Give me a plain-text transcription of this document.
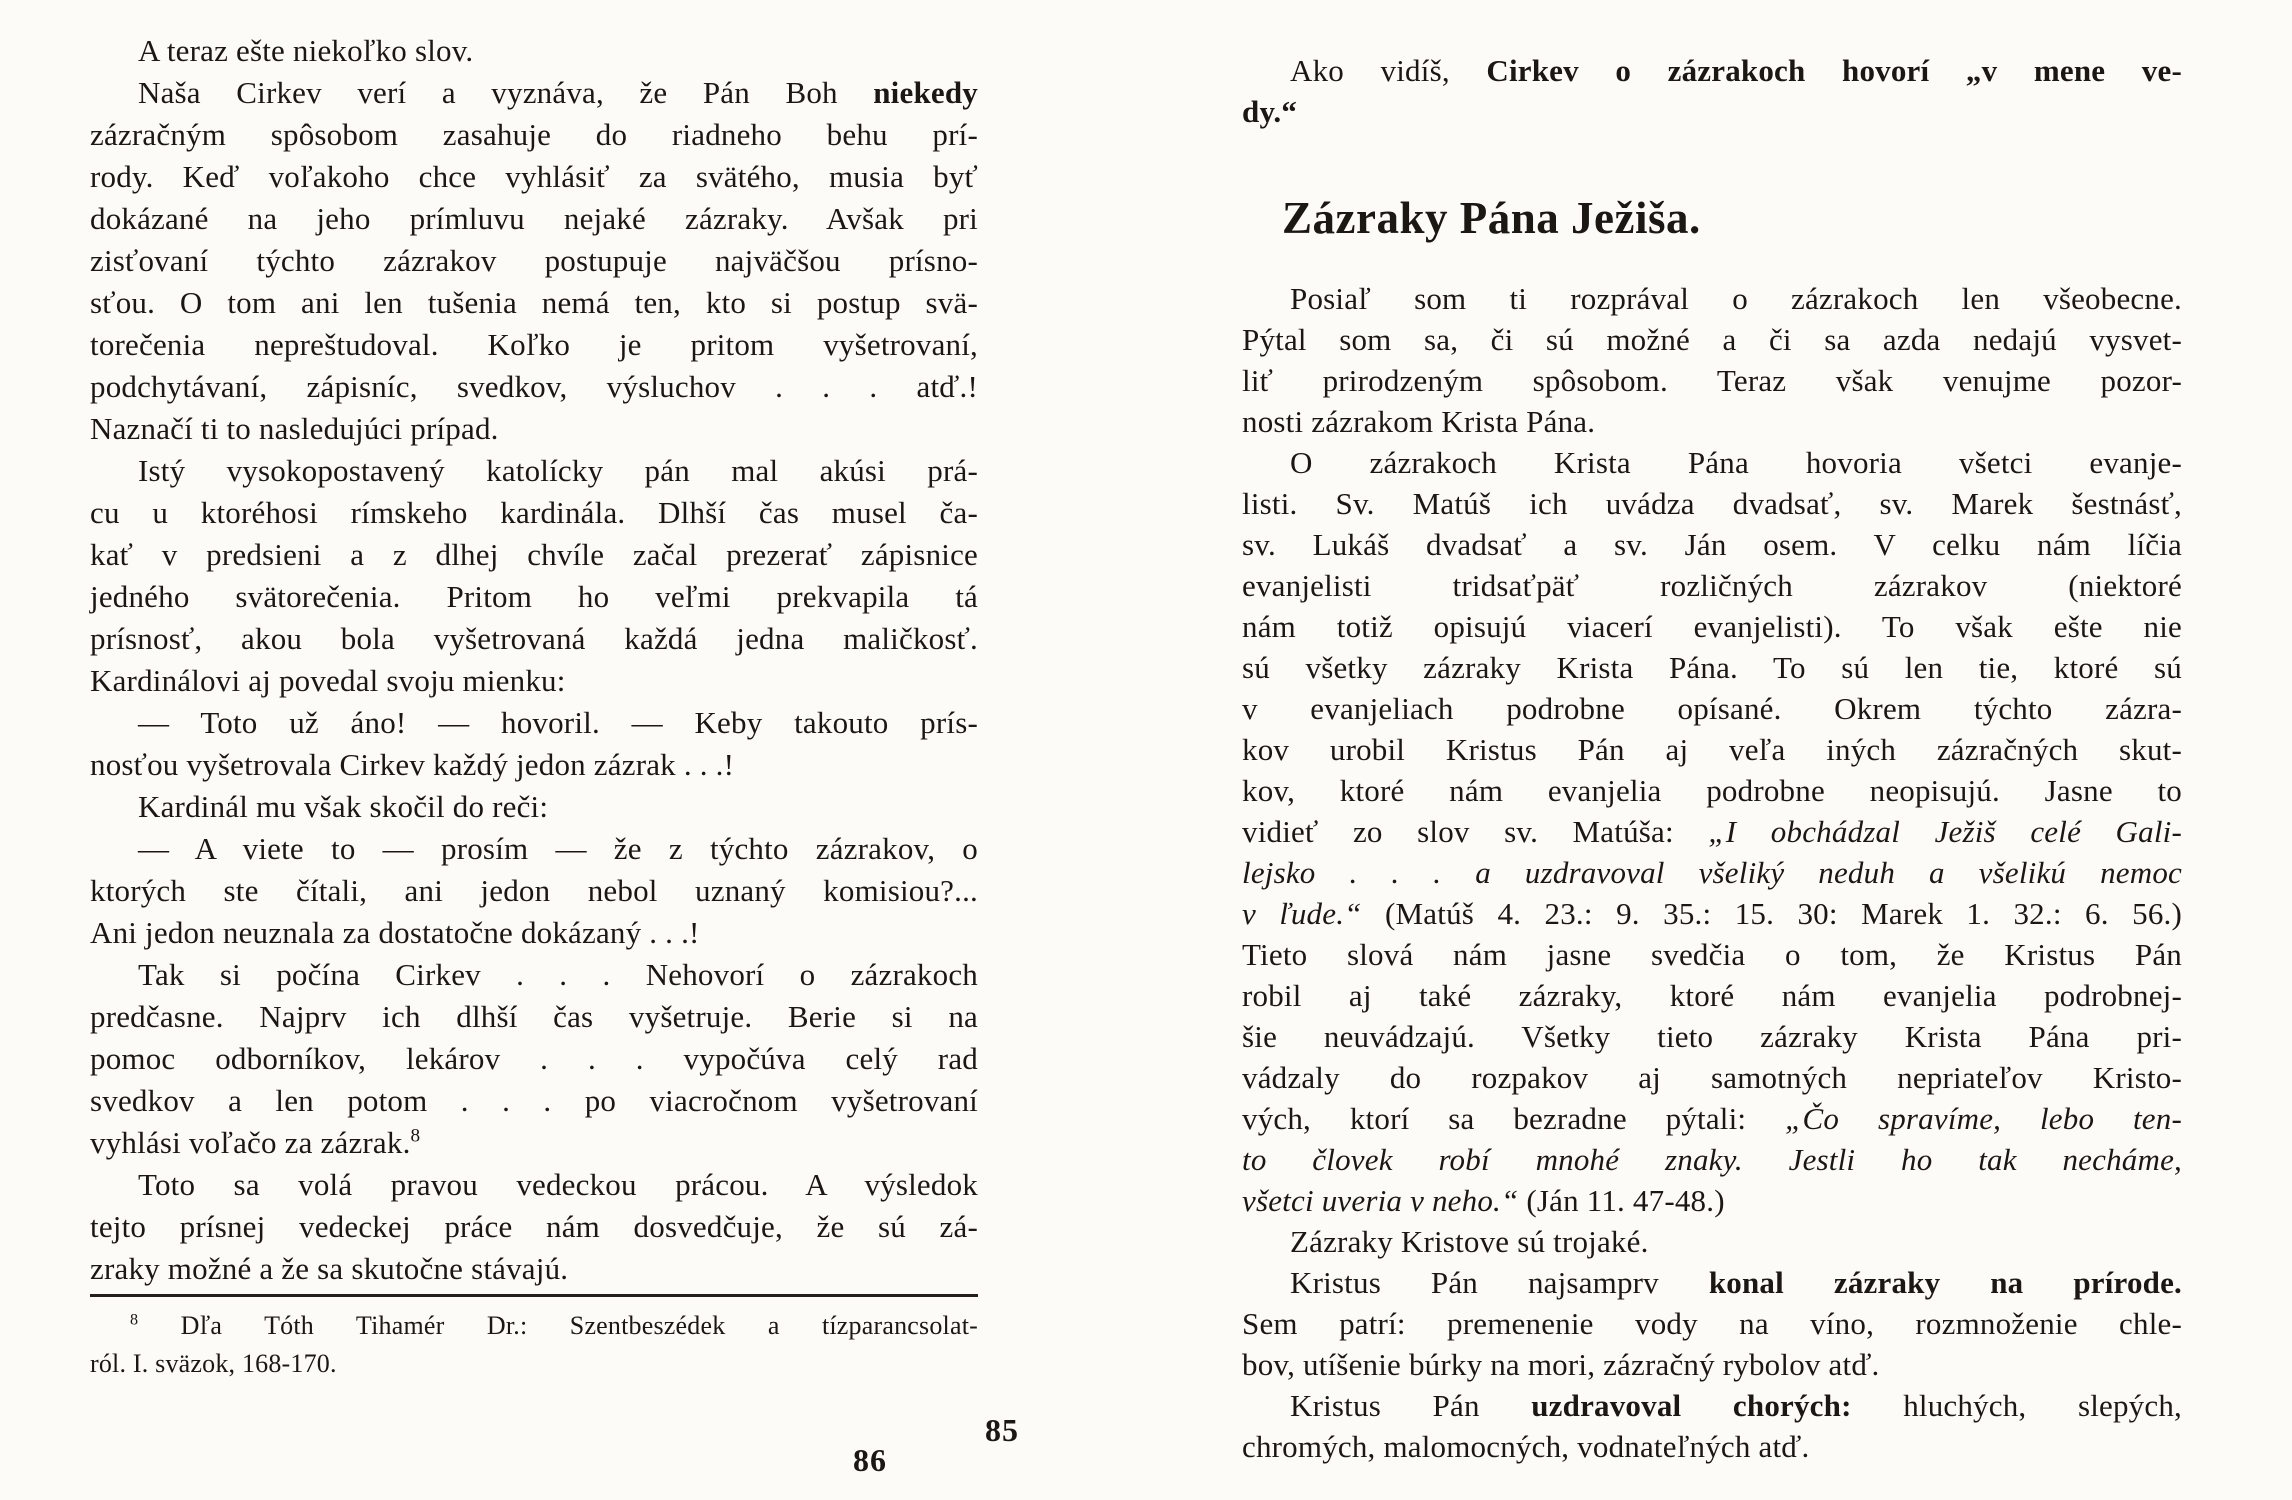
A teraz ešte niekoľko slov.
Naša Cirkev verí a vyznáva, že Pán Boh niekedy
zázračným spôsobom zasahuje do riadneho behu prí-
rody. Keď voľakoho chce vyhlásiť za svätého, musia byť
dokázané na jeho prímluvu nejaké zázraky. Avšak pri
zisťovaní týchto zázrakov postupuje najväčšou prísno-
sťou. O tom ani len tušenia nemá ten, kto si postup svä-
torečenia nepreštudoval. Koľko je pritom vyšetrovaní,
podchytávaní, zápisníc, svedkov, výsluchov . . . atď.!
Naznačí ti to nasledujúci prípad.
Istý vysokopostavený katolícky pán mal akúsi prá-
cu u ktoréhosi rímskeho kardinála. Dlhší čas musel ča-
kať v predsieni a z dlhej chvíle začal prezerať zápisnice
jedného svätorečenia. Pritom ho veľmi prekvapila tá
prísnosť, akou bola vyšetrovaná každá jedna maličkosť.
Kardinálovi aj povedal svoju mienku:
— Toto už áno! — hovoril. — Keby takouto prís-
nosťou vyšetrovala Cirkev každý jedon zázrak . . .!
Kardinál mu však skočil do reči:
— A viete to — prosím — že z týchto zázrakov, o
ktorých ste čítali, ani jedon nebol uznaný komisiou?...
Ani jedon neuznala za dostatočne dokázaný . . .!
Tak si počína Cirkev . . . Nehovorí o zázrakoch
predčasne. Najprv ich dlhší čas vyšetruje. Berie si na
pomoc odborníkov, lekárov . . . vypočúva celý rad
svedkov a len potom . . . po viacročnom vyšetrovaní
vyhlási voľačo za zázrak.$^8$
Toto sa volá pravou vedeckou prácou. A výsledok
tejto prísnej vedeckej práce nám dosvedčuje, že sú zá-
zraky možné a že sa skutočne stávajú.
$^8$ Dľa Tóth Tihamér Dr.: Szentbeszédek a tízparancsolat-
ról. I. sväzok, 168-170.
Ako vidíš, Cirkev o zázrakoch hovorí „v mene ve-
dy.“
Zázraky Pána Ježiša.
Posiaľ som ti rozprával o zázrakoch len všeobecne.
Pýtal som sa, či sú možné a či sa azda nedajú vysvet-
liť prirodzeným spôsobom. Teraz však venujme pozor-
nosti zázrakom Krista Pána.
O zázrakoch Krista Pána hovoria všetci evanje-
listi. Sv. Matúš ich uvádza dvadsať, sv. Marek šestnásť,
sv. Lukáš dvadsať a sv. Ján osem. V celku nám líčia
evanjelisti tridsaťpäť rozličných zázrakov (niektoré
nám totiž opisujú viacerí evanjelisti). To však ešte nie
sú všetky zázraky Krista Pána. To sú len tie, ktoré sú
v evanjeliach podrobne opísané. Okrem týchto zázra-
kov urobil Kristus Pán aj veľa iných zázračných skut-
kov, ktoré nám evanjelia podrobne neopisujú. Jasne to
vidieť zo slov sv. Matúša: „I obchádzal Ježiš celé Gali-
lejsko . . . a uzdravoval všeliký neduh a všelikú nemoc
v ľude.“ (Matúš 4. 23.: 9. 35.: 15. 30: Marek 1. 32.: 6. 56.)
Tieto slová nám jasne svedčia o tom, že Kristus Pán
robil aj také zázraky, ktoré nám evanjelia podrobnej-
šie neuvádzajú. Všetky tieto zázraky Krista Pána pri-
vádzaly do rozpakov aj samotných nepriateľov Kristo-
vých, ktorí sa bezradne pýtali: „Čo spravíme, lebo ten-
to človek robí mnohé znaky. Jestli ho tak necháme,
všetci uveria v neho.“ (Ján 11. 47-48.)
Zázraky Kristove sú trojaké.
Kristus Pán najsamprv konal zázraky na prírode.
Sem patrí: premenenie vody na víno, rozmnoženie chle-
bov, utíšenie búrky na mori, zázračný rybolov atď.
Kristus Pán uzdravoval chorých: hluchých, slepých,
chromých, malomocných, vodnateľných atď.
85
86
